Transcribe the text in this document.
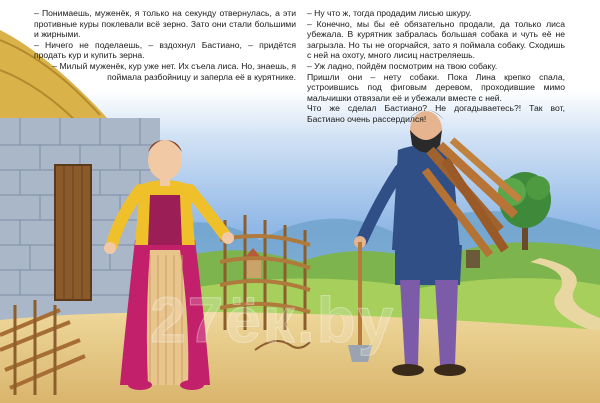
– Понимаешь, муженёк, я только на секунду отвернулась, а эти противные куры поклевали всё зерно. Зато они стали большими и жирными.

– Ничего не поделаешь, – вздохнул Бастиано, – придётся продать кур и купить зерна.

– Милый муженёк, кур уже нет. Их съела лиса. Но, знаешь, я поймала разбойницу и заперла её в курятнике.

– Ну что ж, тогда продадим лисью шкуру.

– Конечно, мы бы её обязательно продали, да только лиса убежала. В курятник забралась большая собака и чуть её не загрызла. Но ты не огорчайся, зато я поймала собаку. Сходишь с ней на охоту, много лисиц настреляешь.

– Уж ладно, пойдём посмотрим на твою собаку.

Пришли они – нету собаки. Пока Лина крепко спала, устроившись под фиговым деревом, проходившие мимо мальчишки отвязали её и убежали вместе с ней.

Что же сделал Бастиано? Не догадываетесь?! Так вот, Бастиано очень рассердился!

27ёк.by
